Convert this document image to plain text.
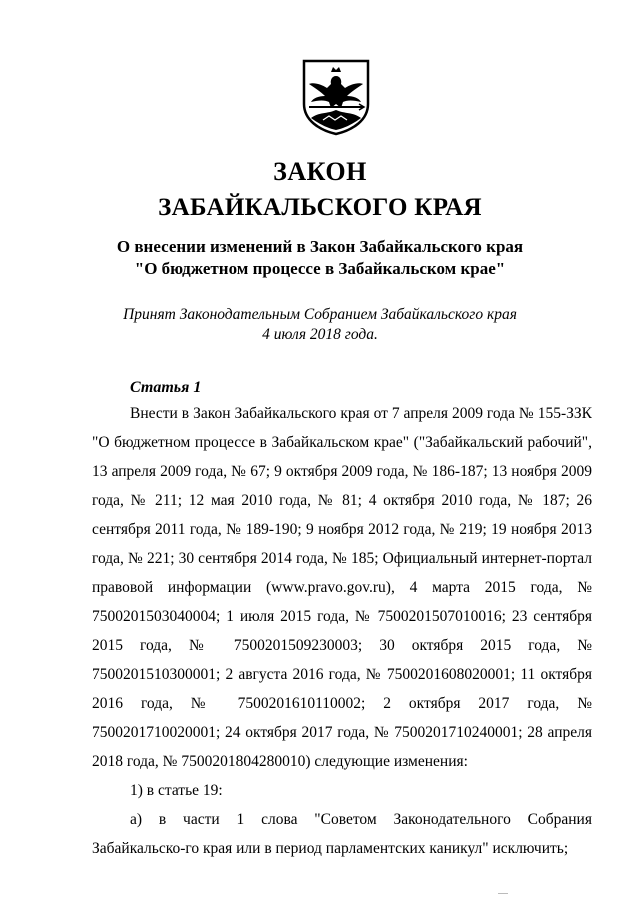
ЗАКОН
ЗАБАЙКАЛЬСКОГО КРАЯ
О внесении изменений в Закон Забайкальского края
"О бюджетном процессе в Забайкальском крае"
Принят Законодательным Собранием Забайкальского края
4 июля 2018 года.
Статья 1

Внести в Закон Забайкальского края от 7 апреля 2009 года № 155-ЗЗК "О бюджетном процессе в Забайкальском крае" ("Забайкальский рабочий", 13 апреля 2009 года, № 67; 9 октября 2009 года, № 186-187; 13 ноября 2009 года, № 211; 12 мая 2010 года, № 81; 4 октября 2010 года, № 187; 26 сентября 2011 года, № 189-190; 9 ноября 2012 года, № 219; 19 ноября 2013 года, № 221; 30 сентября 2014 года, № 185; Официальный интернет-портал правовой информации (www.pravo.gov.ru), 4 марта 2015 года, № 7500201503040004; 1 июля 2015 года, № 7500201507010016; 23 сентября 2015 года, № 7500201509230003; 30 октября 2015 года, № 7500201510300001; 2 августа 2016 года, № 7500201608020001; 11 октября 2016 года, № 7500201610110002; 2 октября 2017 года, № 7500201710020001; 24 октября 2017 года, № 7500201710240001; 28 апреля 2018 года, № 7500201804280010) следующие изменения:

1) в статье 19:

а) в части 1 слова "Советом Законодательного Собрания Забайкальско-го края или в период парламентских каникул" исключить;
